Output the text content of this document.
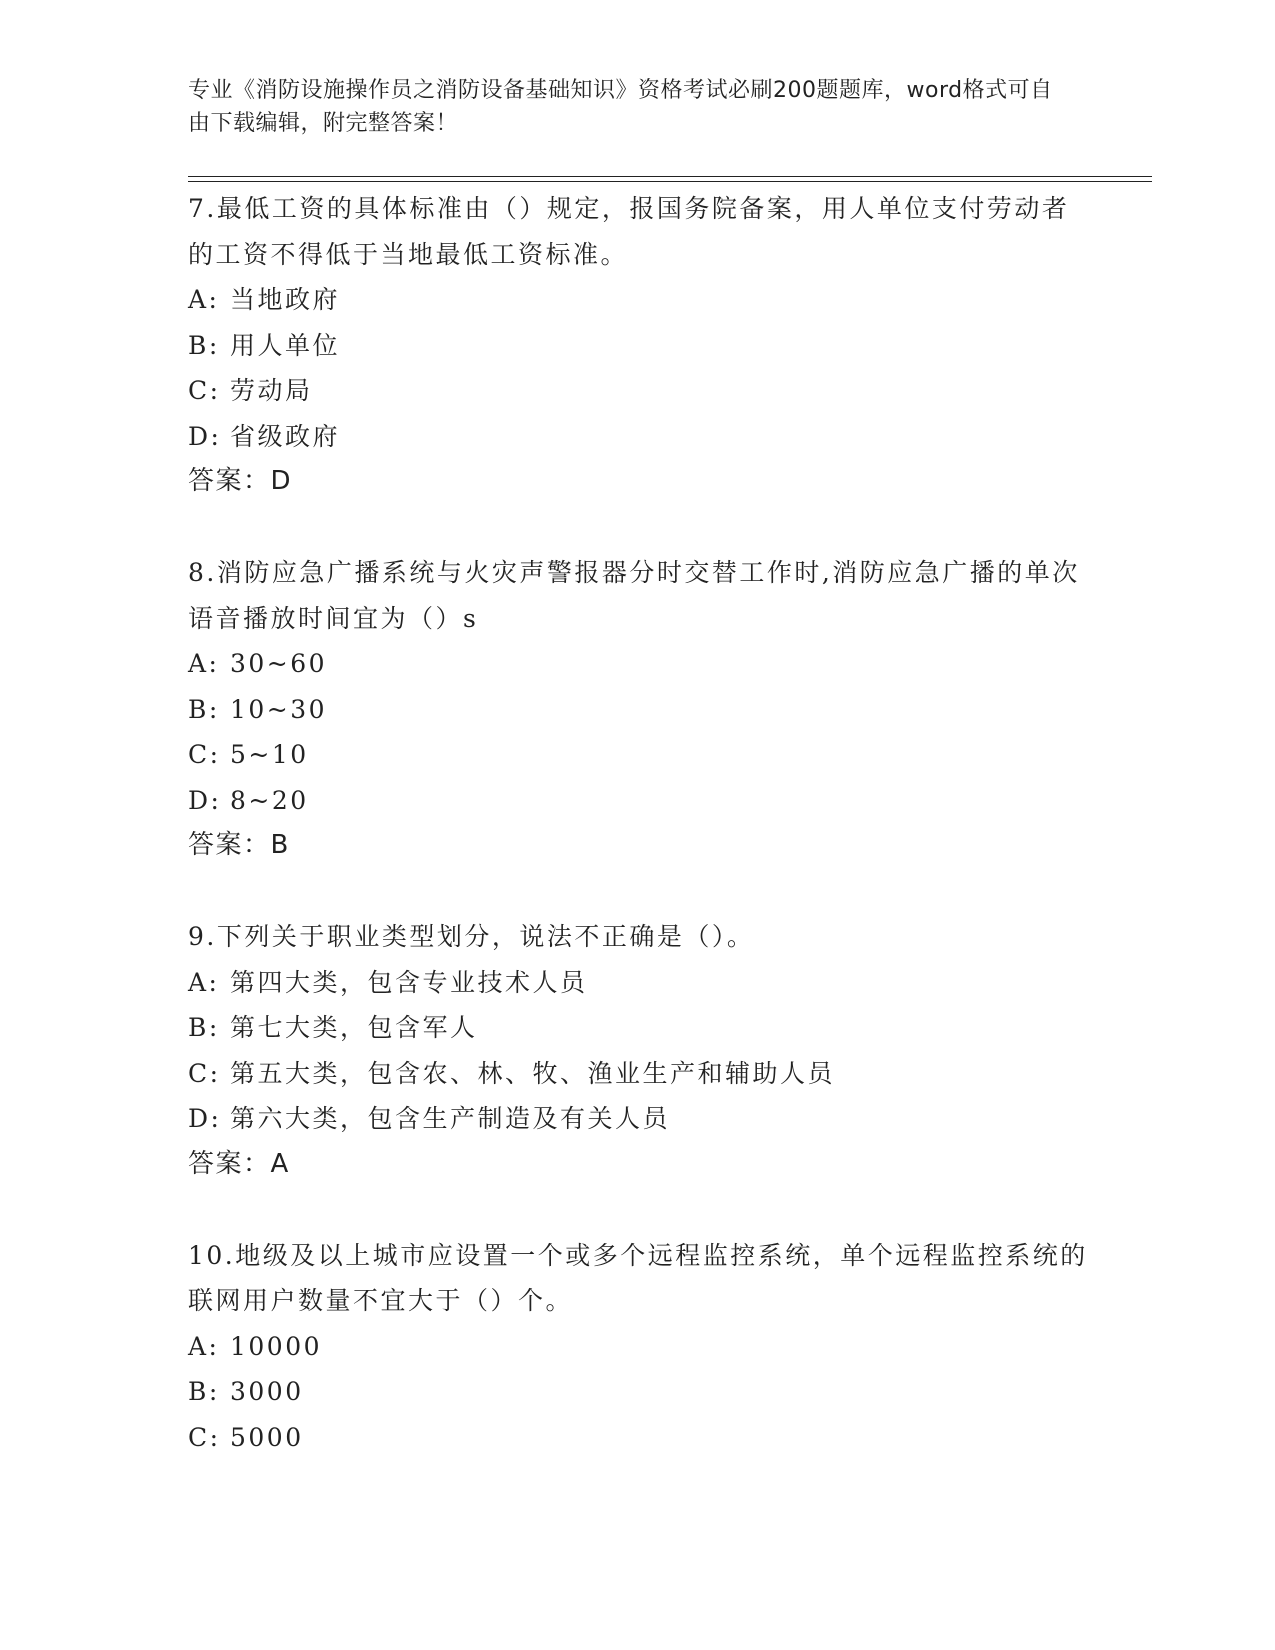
专业《消防设施操作员之消防设备基础知识》资格考试必刷200题题库，word格式可自由下载编辑，附完整答案！
7.最低工资的具体标准由（）规定，报国务院备案，用人单位支付劳动者的工资不得低于当地最低工资标准。
A: 当地政府
B: 用人单位
C: 劳动局
D: 省级政府
答案：D
8.消防应急广播系统与火灾声警报器分时交替工作时,消防应急广播的单次语音播放时间宜为（）s
A: 30~60
B: 10~30
C: 5~10
D: 8~20
答案：B
9.下列关于职业类型划分，说法不正确是（）。
A: 第四大类，包含专业技术人员
B: 第七大类，包含军人
C: 第五大类，包含农、林、牧、渔业生产和辅助人员
D: 第六大类，包含生产制造及有关人员
答案：A
10.地级及以上城市应设置一个或多个远程监控系统，单个远程监控系统的联网用户数量不宜大于（）个。
A: 10000
B: 3000
C: 5000
